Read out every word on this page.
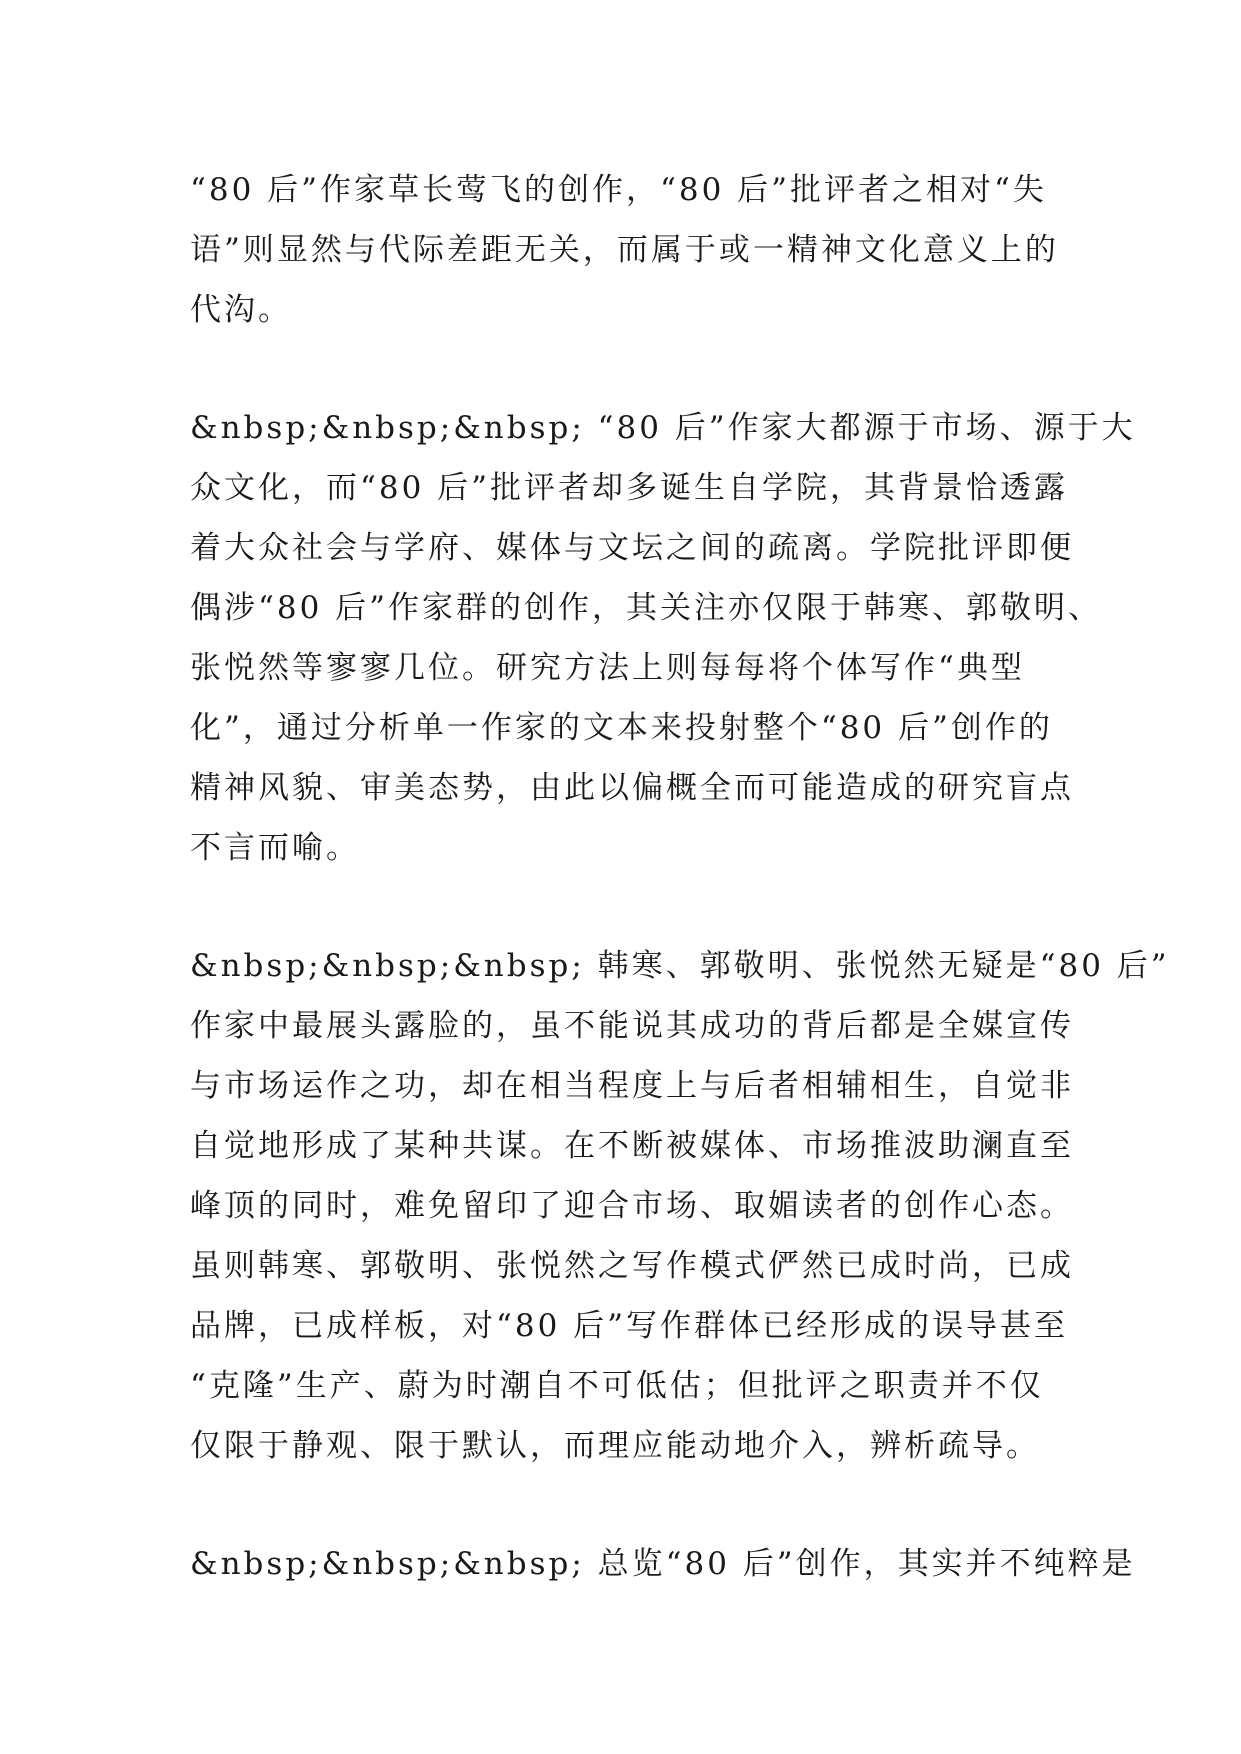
“80 后”作家草长莺飞的创作，“80 后”批评者之相对“失
语”则显然与代际差距无关，而属于或一精神文化意义上的
代沟。
&nbsp;&nbsp;&nbsp; “80 后”作家大都源于市场、源于大
众文化，而“80 后”批评者却多诞生自学院，其背景恰透露
着大众社会与学府、媒体与文坛之间的疏离。学院批评即便
偶涉“80 后”作家群的创作，其关注亦仅限于韩寒、郭敬明、
张悦然等寥寥几位。研究方法上则每每将个体写作“典型
化”，通过分析单一作家的文本来投射整个“80 后”创作的
精神风貌、审美态势，由此以偏概全而可能造成的研究盲点
不言而喻。
&nbsp;&nbsp;&nbsp; 韩寒、郭敬明、张悦然无疑是“80 后”
作家中最展头露脸的，虽不能说其成功的背后都是全媒宣传
与市场运作之功，却在相当程度上与后者相辅相生，自觉非
自觉地形成了某种共谋。在不断被媒体、市场推波助澜直至
峰顶的同时，难免留印了迎合市场、取媚读者的创作心态。
虽则韩寒、郭敬明、张悦然之写作模式俨然已成时尚，已成
品牌，已成样板，对“80 后”写作群体已经形成的误导甚至
“克隆”生产、蔚为时潮自不可低估；但批评之职责并不仅
仅限于静观、限于默认，而理应能动地介入，辨析疏导。
&nbsp;&nbsp;&nbsp; 总览“80 后”创作，其实并不纯粹是
